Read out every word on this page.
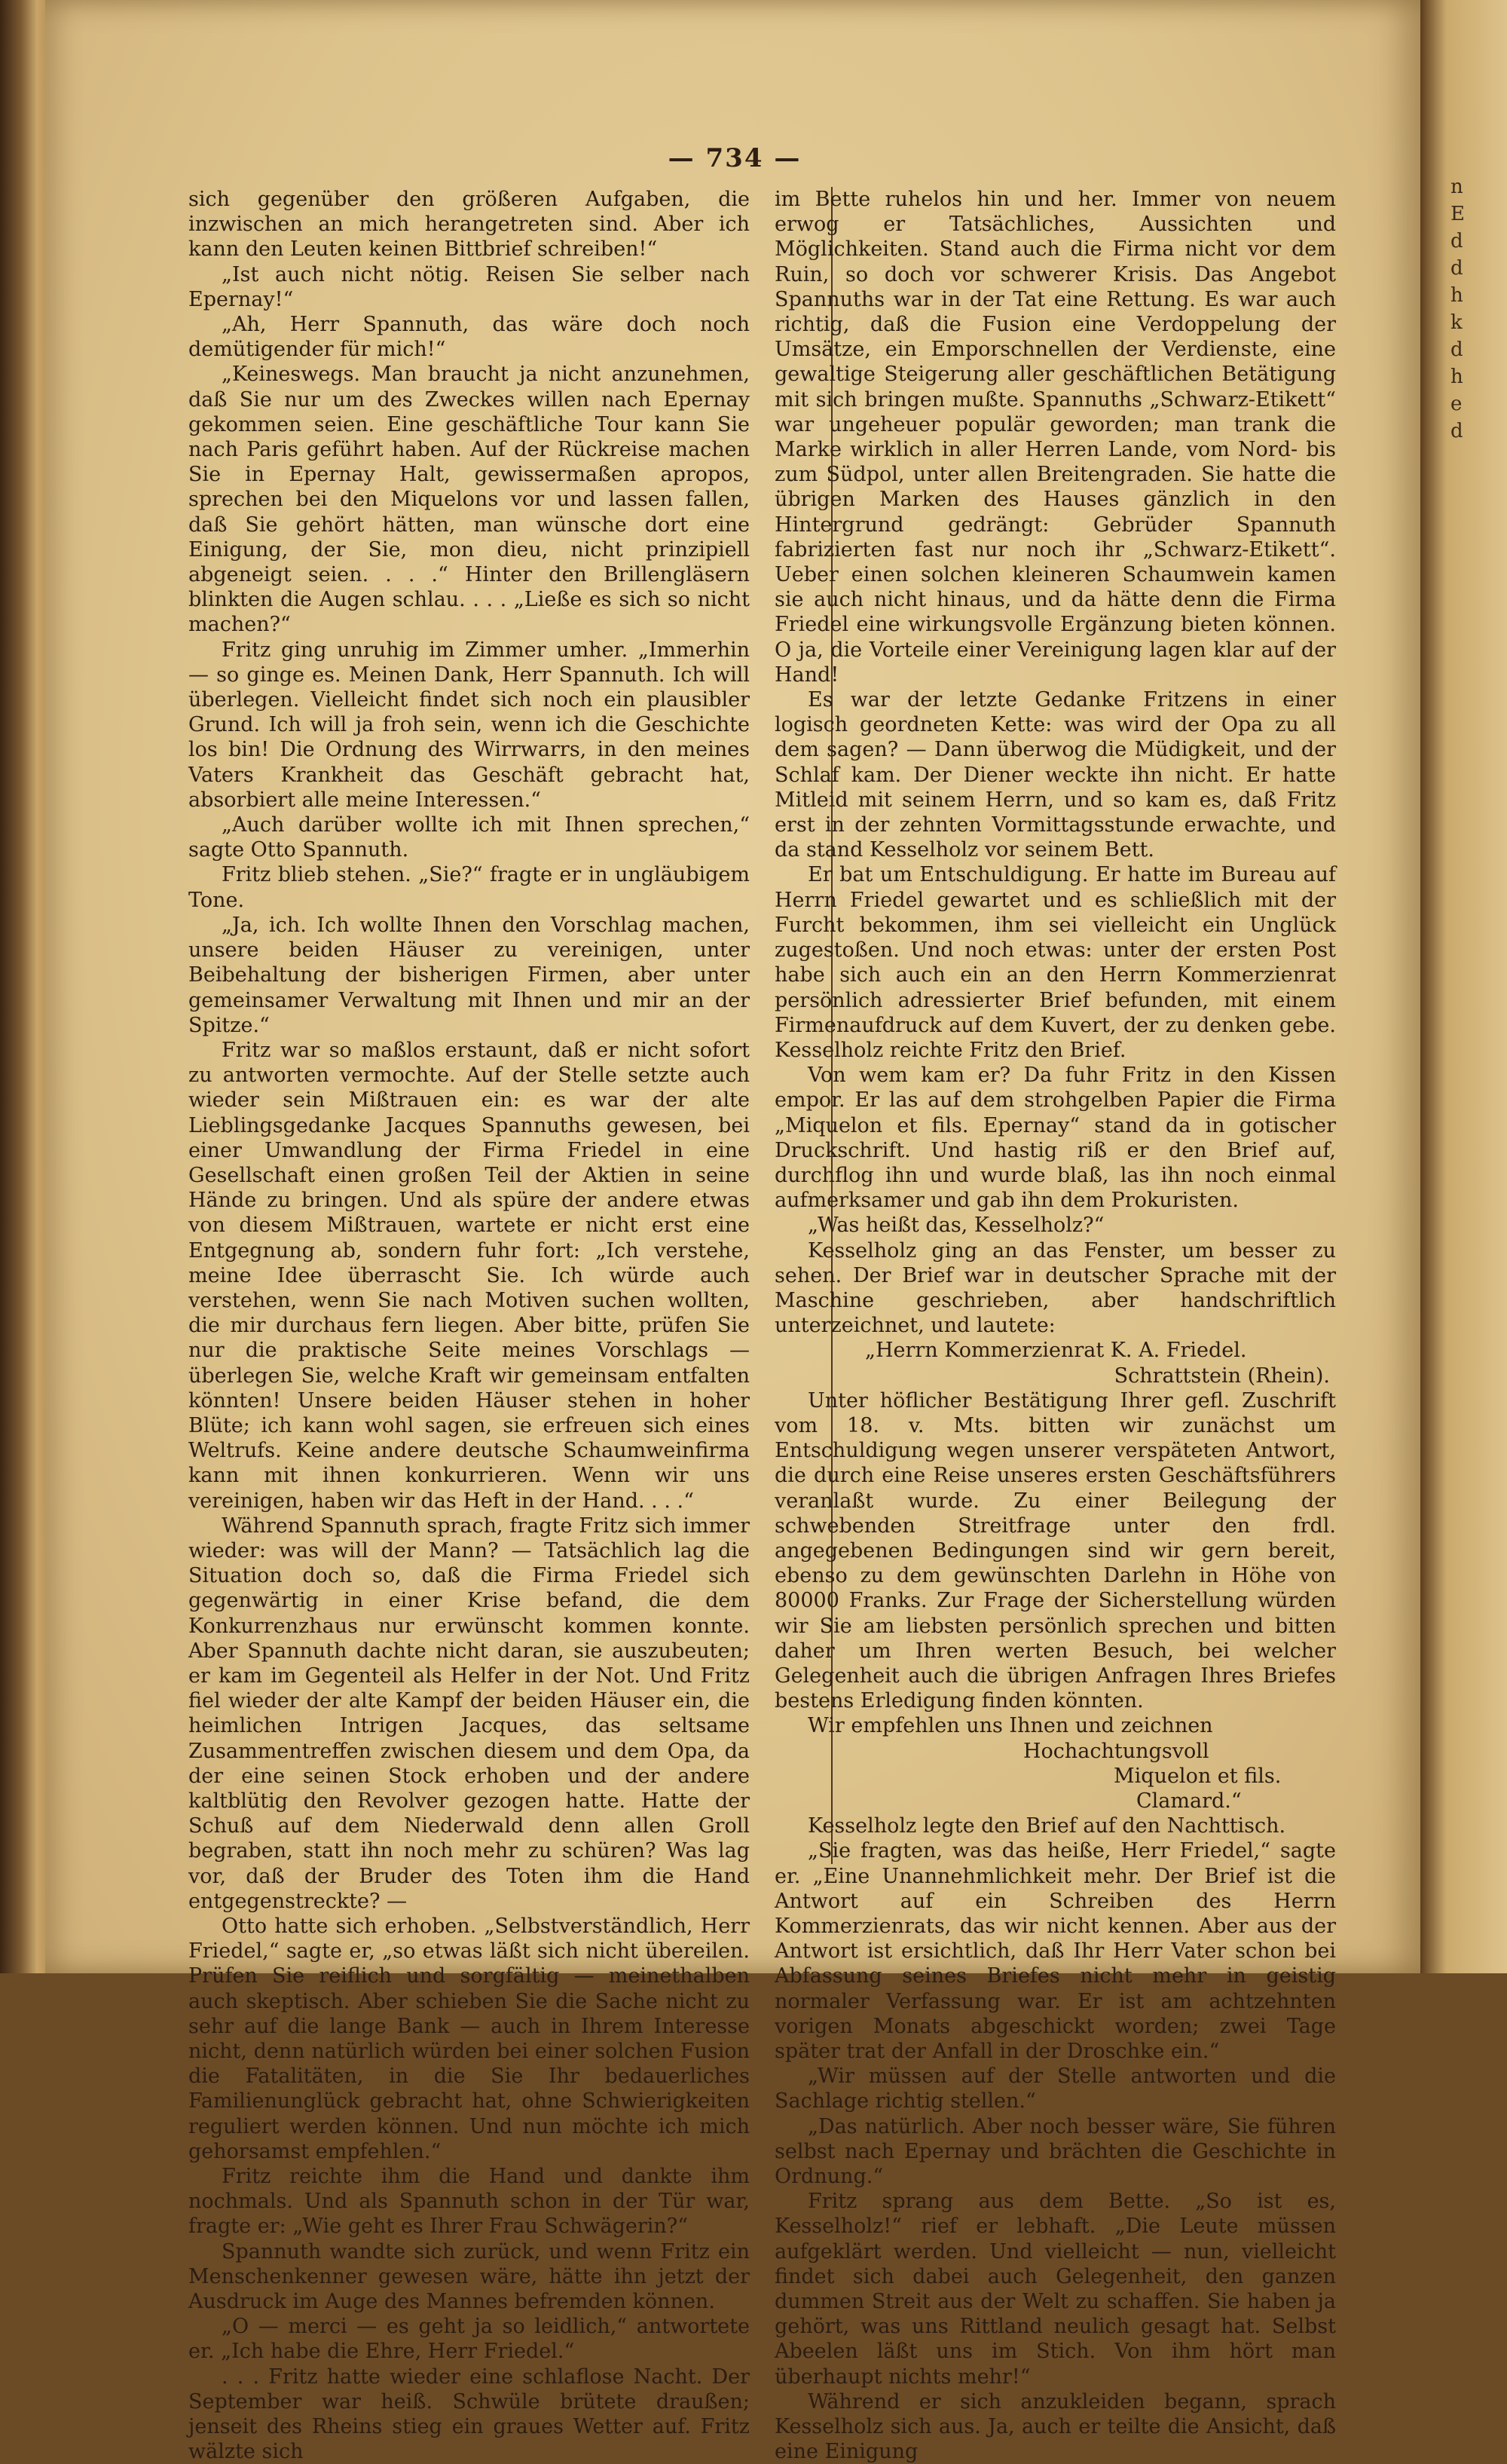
— 734 —

sich gegenüber den größeren Aufgaben, die inzwischen an mich herangetreten sind. Aber ich kann den Leuten keinen Bittbrief schreiben!“

„Ist auch nicht nötig. Reisen Sie selber nach Epernay!“

„Ah, Herr Spannuth, das wäre doch noch demütigender für mich!“

„Keineswegs. Man braucht ja nicht anzunehmen, daß Sie nur um des Zweckes willen nach Epernay gekommen seien. Eine geschäftliche Tour kann Sie nach Paris geführt haben. Auf der Rückreise machen Sie in Epernay Halt, gewissermaßen apropos, sprechen bei den Miquelons vor und lassen fallen, daß Sie gehört hätten, man wünsche dort eine Einigung, der Sie, mon dieu, nicht prinzipiell abgeneigt seien. . . .“ Hinter den Brillengläsern blinkten die Augen schlau. . . . „Ließe es sich so nicht machen?“

Fritz ging unruhig im Zimmer umher. „Immerhin — so ginge es. Meinen Dank, Herr Spannuth. Ich will überlegen. Vielleicht findet sich noch ein plausibler Grund. Ich will ja froh sein, wenn ich die Geschichte los bin! Die Ordnung des Wirrwarrs, in den meines Vaters Krankheit das Geschäft gebracht hat, absorbiert alle meine Interessen.“

„Auch darüber wollte ich mit Ihnen sprechen,“ sagte Otto Spannuth.

Fritz blieb stehen. „Sie?“ fragte er in ungläubigem Tone.

„Ja, ich. Ich wollte Ihnen den Vorschlag machen, unsere beiden Häuser zu vereinigen, unter Beibehaltung der bisherigen Firmen, aber unter gemeinsamer Verwaltung mit Ihnen und mir an der Spitze.“

Fritz war so maßlos erstaunt, daß er nicht sofort zu antworten vermochte. Auf der Stelle setzte auch wieder sein Mißtrauen ein: es war der alte Lieblingsgedanke Jacques Spannuths gewesen, bei einer Umwandlung der Firma Friedel in eine Gesellschaft einen großen Teil der Aktien in seine Hände zu bringen. Und als spüre der andere etwas von diesem Mißtrauen, wartete er nicht erst eine Entgegnung ab, sondern fuhr fort: „Ich verstehe, meine Idee überrascht Sie. Ich würde auch verstehen, wenn Sie nach Motiven suchen wollten, die mir durchaus fern liegen. Aber bitte, prüfen Sie nur die praktische Seite meines Vorschlags — überlegen Sie, welche Kraft wir gemeinsam entfalten könnten! Unsere beiden Häuser stehen in hoher Blüte; ich kann wohl sagen, sie erfreuen sich eines Weltrufs. Keine andere deutsche Schaumweinfirma kann mit ihnen konkurrieren. Wenn wir uns vereinigen, haben wir das Heft in der Hand. . . .“

Während Spannuth sprach, fragte Fritz sich immer wieder: was will der Mann? — Tatsächlich lag die Situation doch so, daß die Firma Friedel sich gegenwärtig in einer Krise befand, die dem Konkurrenzhaus nur erwünscht kommen konnte. Aber Spannuth dachte nicht daran, sie auszubeuten; er kam im Gegenteil als Helfer in der Not. Und Fritz fiel wieder der alte Kampf der beiden Häuser ein, die heimlichen Intrigen Jacques, das seltsame Zusammentreffen zwischen diesem und dem Opa, da der eine seinen Stock erhoben und der andere kaltblütig den Revolver gezogen hatte. Hatte der Schuß auf dem Niederwald denn allen Groll begraben, statt ihn noch mehr zu schüren? Was lag vor, daß der Bruder des Toten ihm die Hand entgegenstreckte? —

Otto hatte sich erhoben. „Selbstverständlich, Herr Friedel,“ sagte er, „so etwas läßt sich nicht übereilen. Prüfen Sie reiflich und sorgfältig — meinethalben auch skeptisch. Aber schieben Sie die Sache nicht zu sehr auf die lange Bank — auch in Ihrem Interesse nicht, denn natürlich würden bei einer solchen Fusion die Fatalitäten, in die Sie Ihr bedauerliches Familienunglück gebracht hat, ohne Schwierigkeiten reguliert werden können. Und nun möchte ich mich gehorsamst empfehlen.“

Fritz reichte ihm die Hand und dankte ihm nochmals. Und als Spannuth schon in der Tür war, fragte er: „Wie geht es Ihrer Frau Schwägerin?“

Spannuth wandte sich zurück, und wenn Fritz ein Menschenkenner gewesen wäre, hätte ihn jetzt der Ausdruck im Auge des Mannes befremden können.

„O — merci — es geht ja so leidlich,“ antwortete er. „Ich habe die Ehre, Herr Friedel.“

. . . Fritz hatte wieder eine schlaflose Nacht. Der September war heiß. Schwüle brütete draußen; jenseit des Rheins stieg ein graues Wetter auf. Fritz wälzte sich

im Bette ruhelos hin und her. Immer von neuem erwog er Tatsächliches, Aussichten und Möglichkeiten. Stand auch die Firma nicht vor dem Ruin, so doch vor schwerer Krisis. Das Angebot Spannuths war in der Tat eine Rettung. Es war auch richtig, daß die Fusion eine Verdoppelung der Umsätze, ein Emporschnellen der Verdienste, eine gewaltige Steigerung aller geschäftlichen Betätigung mit sich bringen mußte. Spannuths „Schwarz-Etikett“ war ungeheuer populär geworden; man trank die Marke wirklich in aller Herren Lande, vom Nord- bis zum Südpol, unter allen Breitengraden. Sie hatte die übrigen Marken des Hauses gänzlich in den Hintergrund gedrängt: Gebrüder Spannuth fabrizierten fast nur noch ihr „Schwarz-Etikett“. Ueber einen solchen kleineren Schaumwein kamen sie auch nicht hinaus, und da hätte denn die Firma Friedel eine wirkungsvolle Ergänzung bieten können. O ja, die Vorteile einer Vereinigung lagen klar auf der Hand!

Es war der letzte Gedanke Fritzens in einer logisch geordneten Kette: was wird der Opa zu all dem sagen? — Dann überwog die Müdigkeit, und der Schlaf kam. Der Diener weckte ihn nicht. Er hatte Mitleid mit seinem Herrn, und so kam es, daß Fritz erst in der zehnten Vormittagsstunde erwachte, und da stand Kesselholz vor seinem Bett.

Er bat um Entschuldigung. Er hatte im Bureau auf Herrn Friedel gewartet und es schließlich mit der Furcht bekommen, ihm sei vielleicht ein Unglück zugestoßen. Und noch etwas: unter der ersten Post habe sich auch ein an den Herrn Kommerzienrat persönlich adressierter Brief befunden, mit einem Firmenaufdruck auf dem Kuvert, der zu denken gebe. Kesselholz reichte Fritz den Brief.

Von wem kam er? Da fuhr Fritz in den Kissen empor. Er las auf dem strohgelben Papier die Firma „Miquelon et fils. Epernay“ stand da in gotischer Druckschrift. Und hastig riß er den Brief auf, durchflog ihn und wurde blaß, las ihn noch einmal aufmerksamer und gab ihn dem Prokuristen.

„Was heißt das, Kesselholz?“

Kesselholz ging an das Fenster, um besser zu sehen. Der Brief war in deutscher Sprache mit der Maschine geschrieben, aber handschriftlich unterzeichnet, und lautete:

„Herrn Kommerzienrat K. A. Friedel.

Schrattstein (Rhein).

Unter höflicher Bestätigung Ihrer gefl. Zuschrift vom 18. v. Mts. bitten wir zunächst um Entschuldigung wegen unserer verspäteten Antwort, die durch eine Reise unseres ersten Geschäftsführers veranlaßt wurde. Zu einer Beilegung der schwebenden Streitfrage unter den frdl. angegebenen Bedingungen sind wir gern bereit, ebenso zu dem gewünschten Darlehn in Höhe von 80000 Franks. Zur Frage der Sicherstellung würden wir Sie am liebsten persönlich sprechen und bitten daher um Ihren werten Besuch, bei welcher Gelegenheit auch die übrigen Anfragen Ihres Briefes bestens Erledigung finden könnten.

Wir empfehlen uns Ihnen und zeichnen

Hochachtungsvoll

Miquelon et fils.

Clamard.“

Kesselholz legte den Brief auf den Nachttisch.

„Sie fragten, was das heiße, Herr Friedel,“ sagte er. „Eine Unannehmlichkeit mehr. Der Brief ist die Antwort auf ein Schreiben des Herrn Kommerzienrats, das wir nicht kennen. Aber aus der Antwort ist ersichtlich, daß Ihr Herr Vater schon bei Abfassung seines Briefes nicht mehr in geistig normaler Verfassung war. Er ist am achtzehnten vorigen Monats abgeschickt worden; zwei Tage später trat der Anfall in der Droschke ein.“

„Wir müssen auf der Stelle antworten und die Sachlage richtig stellen.“

„Das natürlich. Aber noch besser wäre, Sie führen selbst nach Epernay und brächten die Geschichte in Ordnung.“

Fritz sprang aus dem Bette. „So ist es, Kesselholz!“ rief er lebhaft. „Die Leute müssen aufgeklärt werden. Und vielleicht — nun, vielleicht findet sich dabei auch Gelegenheit, den ganzen dummen Streit aus der Welt zu schaffen. Sie haben ja gehört, was uns Rittland neulich gesagt hat. Selbst Abeelen läßt uns im Stich. Von ihm hört man überhaupt nichts mehr!“

Während er sich anzukleiden begann, sprach Kesselholz sich aus. Ja, auch er teilte die Ansicht, daß eine Einigung

n
E
d
d
h
k
d
h
e
d
